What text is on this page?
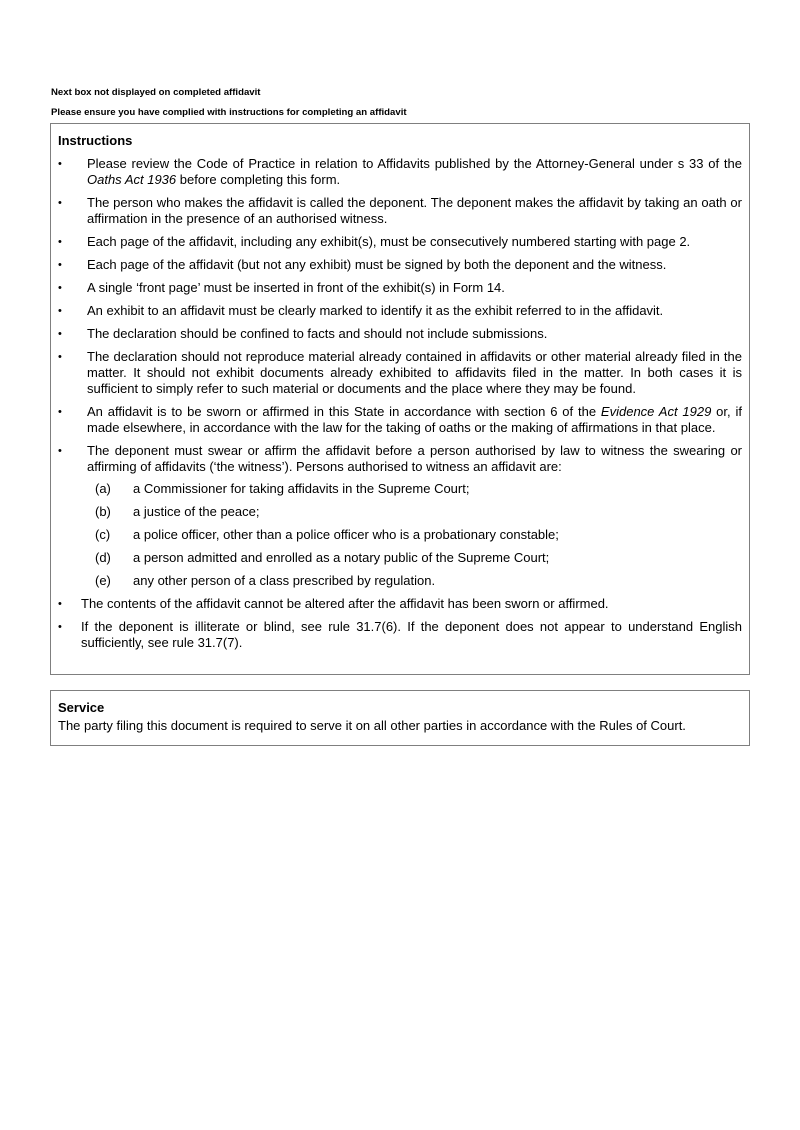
Next box not displayed on completed affidavit
Please ensure you have complied with instructions for completing an affidavit
Instructions
• Please review the Code of Practice in relation to Affidavits published by the Attorney-General under s 33 of the Oaths Act 1936 before completing this form.
• The person who makes the affidavit is called the deponent. The deponent makes the affidavit by taking an oath or affirmation in the presence of an authorised witness.
• Each page of the affidavit, including any exhibit(s), must be consecutively numbered starting with page 2.
• Each page of the affidavit (but not any exhibit) must be signed by both the deponent and the witness.
• A single ‘front page’ must be inserted in front of the exhibit(s) in Form 14.
• An exhibit to an affidavit must be clearly marked to identify it as the exhibit referred to in the affidavit.
• The declaration should be confined to facts and should not include submissions.
• The declaration should not reproduce material already contained in affidavits or other material already filed in the matter. It should not exhibit documents already exhibited to affidavits filed in the matter. In both cases it is sufficient to simply refer to such material or documents and the place where they may be found.
• An affidavit is to be sworn or affirmed in this State in accordance with section 6 of the Evidence Act 1929 or, if made elsewhere, in accordance with the law for the taking of oaths or the making of affirmations in that place.
• The deponent must swear or affirm the affidavit before a person authorised by law to witness the swearing or affirming of affidavits (‘the witness’). Persons authorised to witness an affidavit are:
(a) a Commissioner for taking affidavits in the Supreme Court;
(b) a justice of the peace;
(c) a police officer, other than a police officer who is a probationary constable;
(d) a person admitted and enrolled as a notary public of the Supreme Court;
(e) any other person of a class prescribed by regulation.
• The contents of the affidavit cannot be altered after the affidavit has been sworn or affirmed.
• If the deponent is illiterate or blind, see rule 31.7(6). If the deponent does not appear to understand English sufficiently, see rule 31.7(7).
Service
The party filing this document is required to serve it on all other parties in accordance with the Rules of Court.
